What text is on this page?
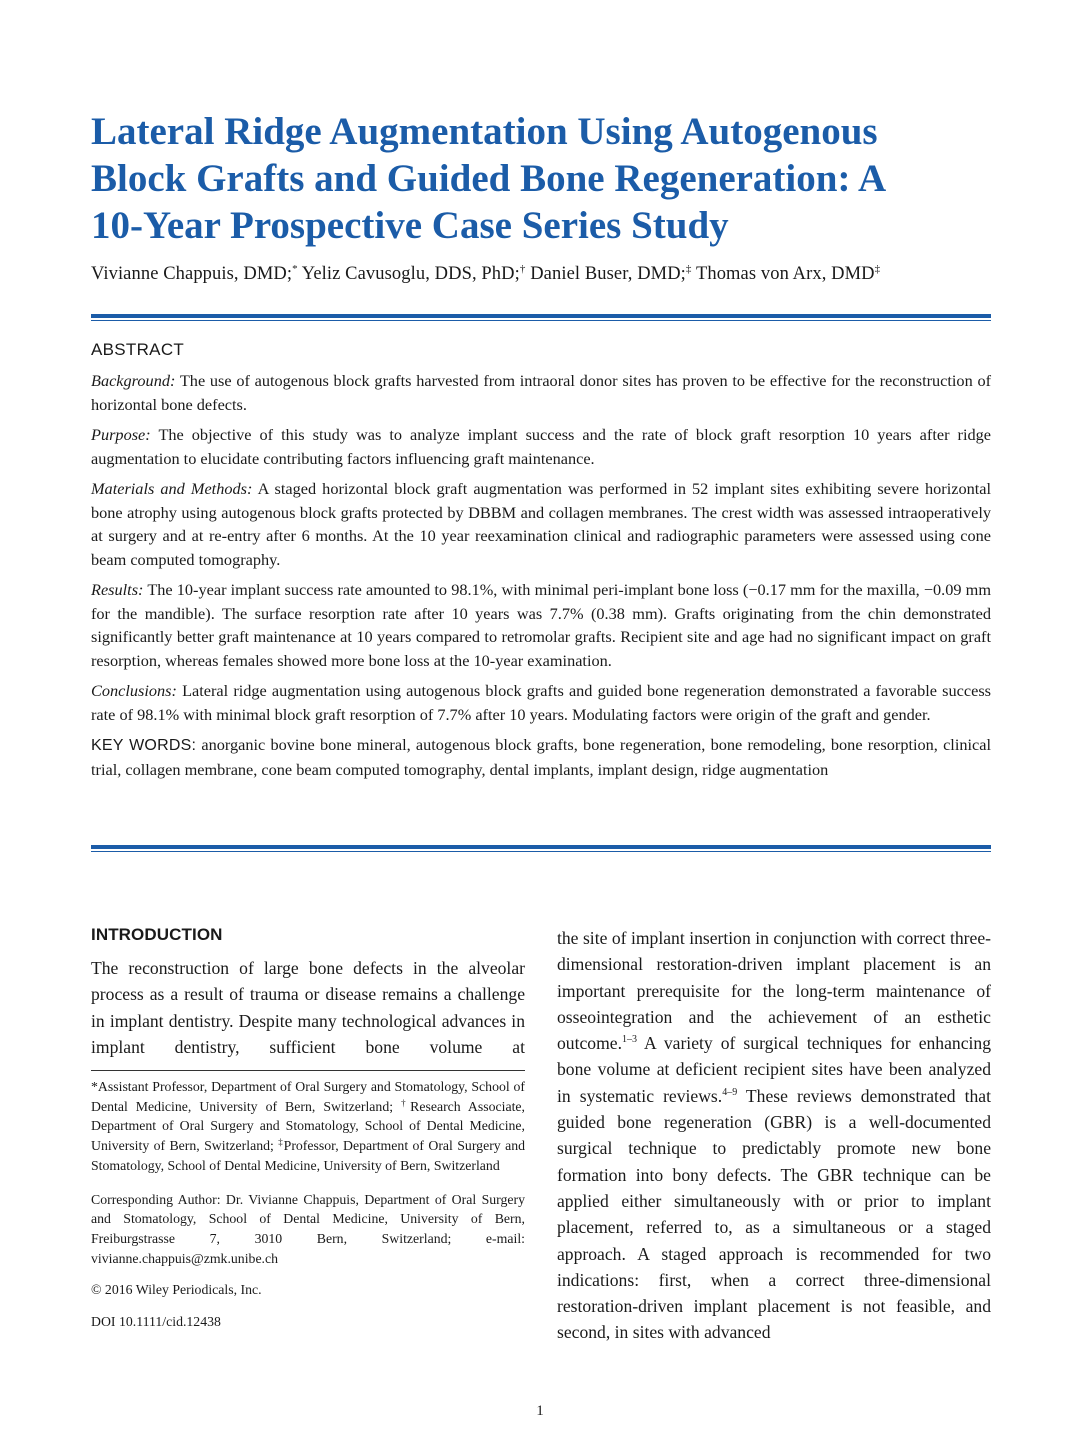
Lateral Ridge Augmentation Using Autogenous
Block Grafts and Guided Bone Regeneration: A
10-Year Prospective Case Series Study
Vivianne Chappuis, DMD;* Yeliz Cavusoglu, DDS, PhD;† Daniel Buser, DMD;‡ Thomas von Arx, DMD‡
ABSTRACT

Background: The use of autogenous block grafts harvested from intraoral donor sites has proven to be effective for the reconstruction of horizontal bone defects.

Purpose: The objective of this study was to analyze implant success and the rate of block graft resorption 10 years after ridge augmentation to elucidate contributing factors influencing graft maintenance.

Materials and Methods: A staged horizontal block graft augmentation was performed in 52 implant sites exhibiting severe horizontal bone atrophy using autogenous block grafts protected by DBBM and collagen membranes. The crest width was assessed intraoperatively at surgery and at re-entry after 6 months. At the 10 year reexamination clinical and radiographic parameters were assessed using cone beam computed tomography.

Results: The 10-year implant success rate amounted to 98.1%, with minimal peri-implant bone loss (−0.17 mm for the maxilla, −0.09 mm for the mandible). The surface resorption rate after 10 years was 7.7% (0.38 mm). Grafts originating from the chin demonstrated significantly better graft maintenance at 10 years compared to retromolar grafts. Recipient site and age had no significant impact on graft resorption, whereas females showed more bone loss at the 10-year examination.

Conclusions: Lateral ridge augmentation using autogenous block grafts and guided bone regeneration demonstrated a favorable success rate of 98.1% with minimal block graft resorption of 7.7% after 10 years. Modulating factors were origin of the graft and gender.

KEY WORDS: anorganic bovine bone mineral, autogenous block grafts, bone regeneration, bone remodeling, bone resorption, clinical trial, collagen membrane, cone beam computed tomography, dental implants, implant design, ridge augmentation

INTRODUCTION

The reconstruction of large bone defects in the alveolar process as a result of trauma or disease remains a challenge in implant dentistry. Despite many technological advances in implant dentistry, sufficient bone volume at

*Assistant Professor, Department of Oral Surgery and Stomatology, School of Dental Medicine, University of Bern, Switzerland; †Research Associate, Department of Oral Surgery and Stomatology, School of Dental Medicine, University of Bern, Switzerland; ‡Professor, Department of Oral Surgery and Stomatology, School of Dental Medicine, University of Bern, Switzerland

Corresponding Author: Dr. Vivianne Chappuis, Department of Oral Surgery and Stomatology, School of Dental Medicine, University of Bern, Freiburgstrasse 7, 3010 Bern, Switzerland; e-mail: vivianne.chappuis@zmk.unibe.ch

© 2016 Wiley Periodicals, Inc.

DOI 10.1111/cid.12438

the site of implant insertion in conjunction with correct three-dimensional restoration-driven implant placement is an important prerequisite for the long-term maintenance of osseointegration and the achievement of an esthetic outcome.$^{1-3}$ A variety of surgical techniques for enhancing bone volume at deficient recipient sites have been analyzed in systematic reviews.$^{4-9}$ These reviews demonstrated that guided bone regeneration (GBR) is a well-documented surgical technique to predictably promote new bone formation into bony defects. The GBR technique can be applied either simultaneously with or prior to implant placement, referred to, as a simultaneous or a staged approach. A staged approach is recommended for two indications: first, when a correct three-dimensional restoration-driven implant placement is not feasible, and second, in sites with advanced

1
